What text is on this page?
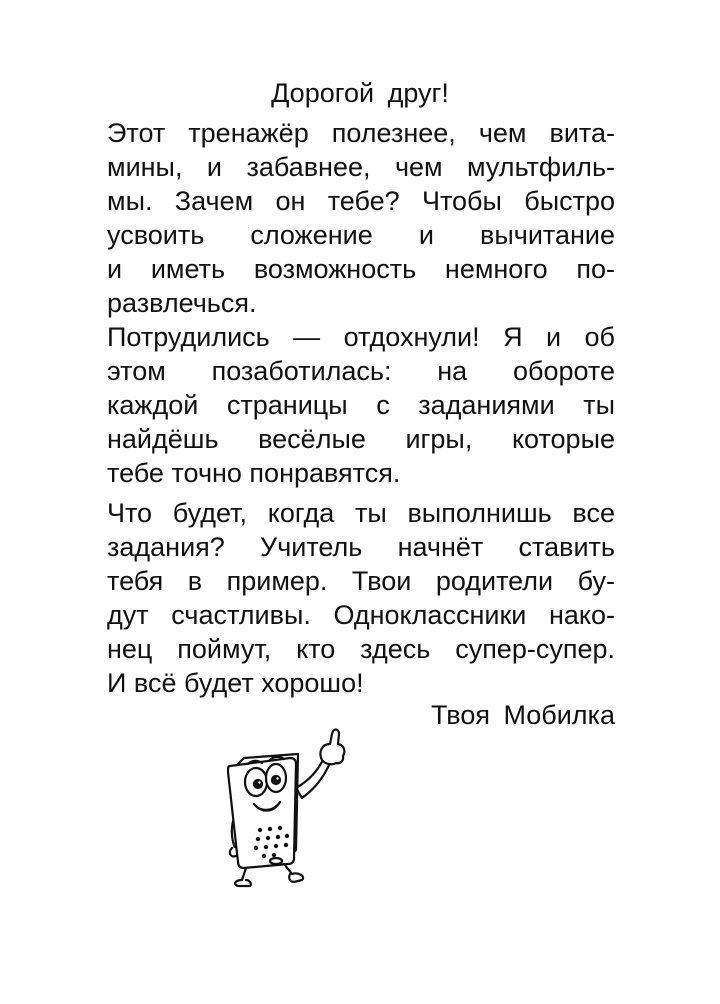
Дорогой друг!
Этот тренажёр полезнее, чем вита-
мины, и забавнее, чем мультфиль-
мы. Зачем он тебе? Чтобы быстро
усвоить сложение и вычитание
и иметь возможность немного по-
развлечься.
Потрудились — отдохнули! Я и об
этом позаботилась: на обороте
каждой страницы с заданиями ты
найдёшь весёлые игры, которые
тебе точно понравятся.
Что будет, когда ты выполнишь все
задания? Учитель начнёт ставить
тебя в пример. Твои родители бу-
дут счастливы. Одноклассники нако-
нец поймут, кто здесь супер-супер.
И всё будет хорошо!
Твоя Мобилка
